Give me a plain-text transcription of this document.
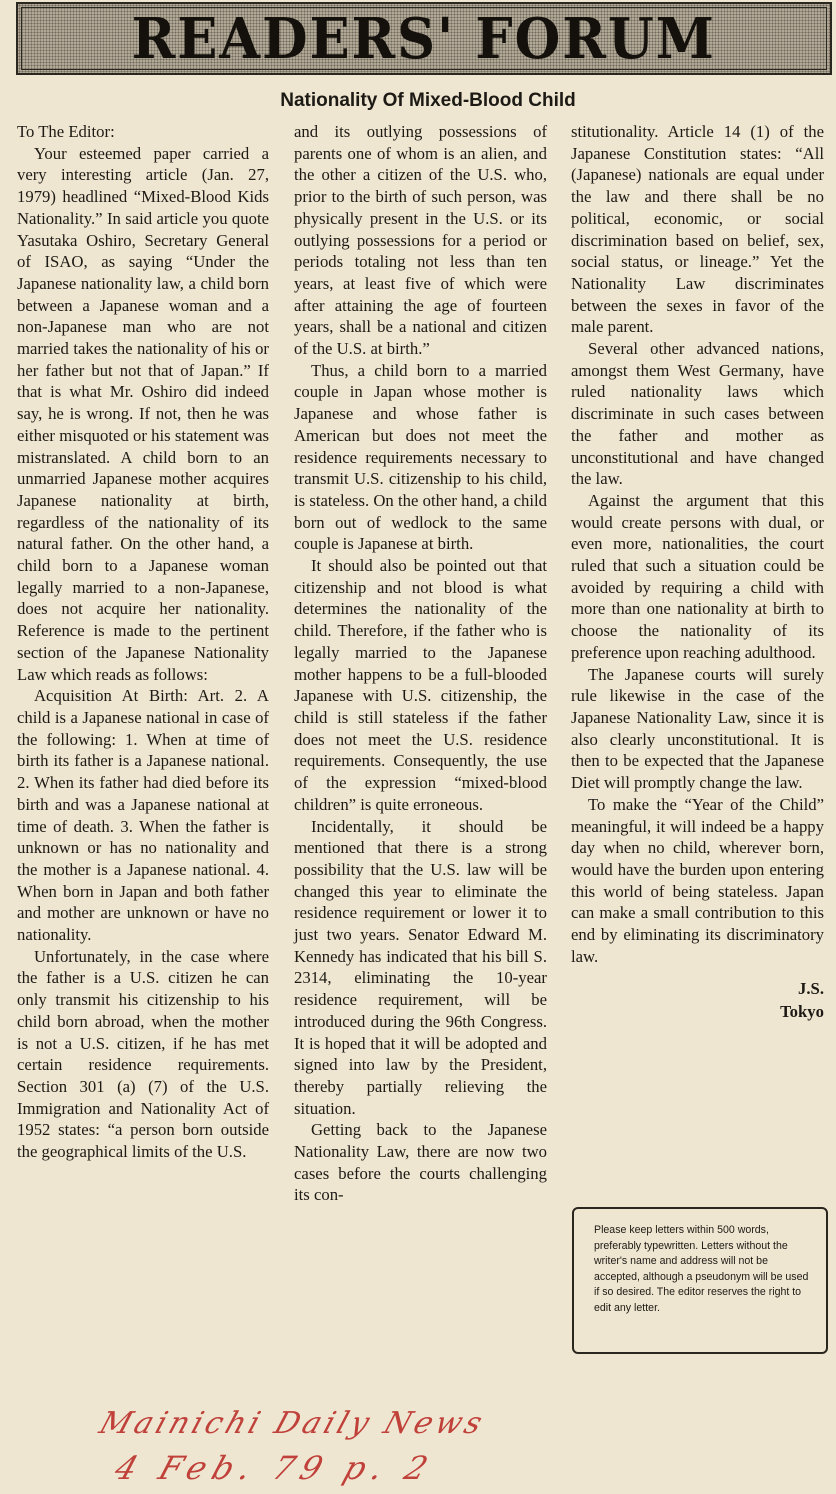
READERS' FORUM
Nationality Of Mixed-Blood Child

To The Editor:

Your esteemed paper carried a very interesting article (Jan. 27, 1979) headlined “Mixed-Blood Kids Nationality.” In said article you quote Yasutaka Oshiro, Secretary General of ISAO, as saying “Under the Japanese nationality law, a child born between a Japanese woman and a non-Japanese man who are not married takes the nationality of his or her father but not that of Japan.” If that is what Mr. Oshiro did indeed say, he is wrong. If not, then he was either misquoted or his statement was mistranslated. A child born to an unmarried Japanese mother acquires Japanese nationality at birth, regardless of the nationality of its natural father. On the other hand, a child born to a Japanese woman legally married to a non-Japanese, does not acquire her nationality. Reference is made to the pertinent section of the Japanese Nationality Law which reads as follows:

Acquisition At Birth: Art. 2. A child is a Japanese national in case of the following: 1. When at time of birth its father is a Japanese national. 2. When its father had died before its birth and was a Japanese national at time of death. 3. When the father is unknown or has no nationality and the mother is a Japanese national. 4. When born in Japan and both father and mother are unknown or have no nationality.

Unfortunately, in the case where the father is a U.S. citizen he can only transmit his citizenship to his child born abroad, when the mother is not a U.S. citizen, if he has met certain residence requirements. Section 301 (a) (7) of the U.S. Immigration and Nationality Act of 1952 states: “a person born outside the geographical limits of the U.S.

and its outlying possessions of parents one of whom is an alien, and the other a citizen of the U.S. who, prior to the birth of such person, was physically present in the U.S. or its outlying possessions for a period or periods totaling not less than ten years, at least five of which were after attaining the age of fourteen years, shall be a national and citizen of the U.S. at birth.”

Thus, a child born to a married couple in Japan whose mother is Japanese and whose father is American but does not meet the residence requirements necessary to transmit U.S. citizenship to his child, is stateless. On the other hand, a child born out of wedlock to the same couple is Japanese at birth.

It should also be pointed out that citizenship and not blood is what determines the nationality of the child. Therefore, if the father who is legally married to the Japanese mother happens to be a full-blooded Japanese with U.S. citizenship, the child is still stateless if the father does not meet the U.S. residence requirements. Consequently, the use of the expression “mixed-blood children” is quite erroneous.

Incidentally, it should be mentioned that there is a strong possibility that the U.S. law will be changed this year to eliminate the residence requirement or lower it to just two years. Senator Edward M. Kennedy has indicated that his bill S. 2314, eliminating the 10-year residence requirement, will be introduced during the 96th Congress. It is hoped that it will be adopted and signed into law by the President, thereby partially relieving the situation.

Getting back to the Japanese Nationality Law, there are now two cases before the courts challenging its con-

stitutionality. Article 14 (1) of the Japanese Constitution states: “All (Japanese) nationals are equal under the law and there shall be no political, economic, or social discrimination based on belief, sex, social status, or lineage.” Yet the Nationality Law discriminates between the sexes in favor of the male parent.

Several other advanced nations, amongst them West Germany, have ruled nationality laws which discriminate in such cases between the father and mother as unconstitutional and have changed the law.

Against the argument that this would create persons with dual, or even more, nationalities, the court ruled that such a situation could be avoided by requiring a child with more than one nationality at birth to choose the nationality of its preference upon reaching adulthood.

The Japanese courts will surely rule likewise in the case of the Japanese Nationality Law, since it is also clearly unconstitutional. It is then to be expected that the Japanese Diet will promptly change the law.

To make the “Year of the Child” meaningful, it will indeed be a happy day when no child, wherever born, would have the burden upon entering this world of being stateless. Japan can make a small contribution to this end by eliminating its discriminatory law.

J.S.
Tokyo
Please keep letters within 500 words, preferably typewritten. Letters without the writer's name and address will not be accepted, although a pseudonym will be used if so desired. The editor reserves the right to edit any letter.
Mainichi Daily News
4 Feb. 79 p. 2
